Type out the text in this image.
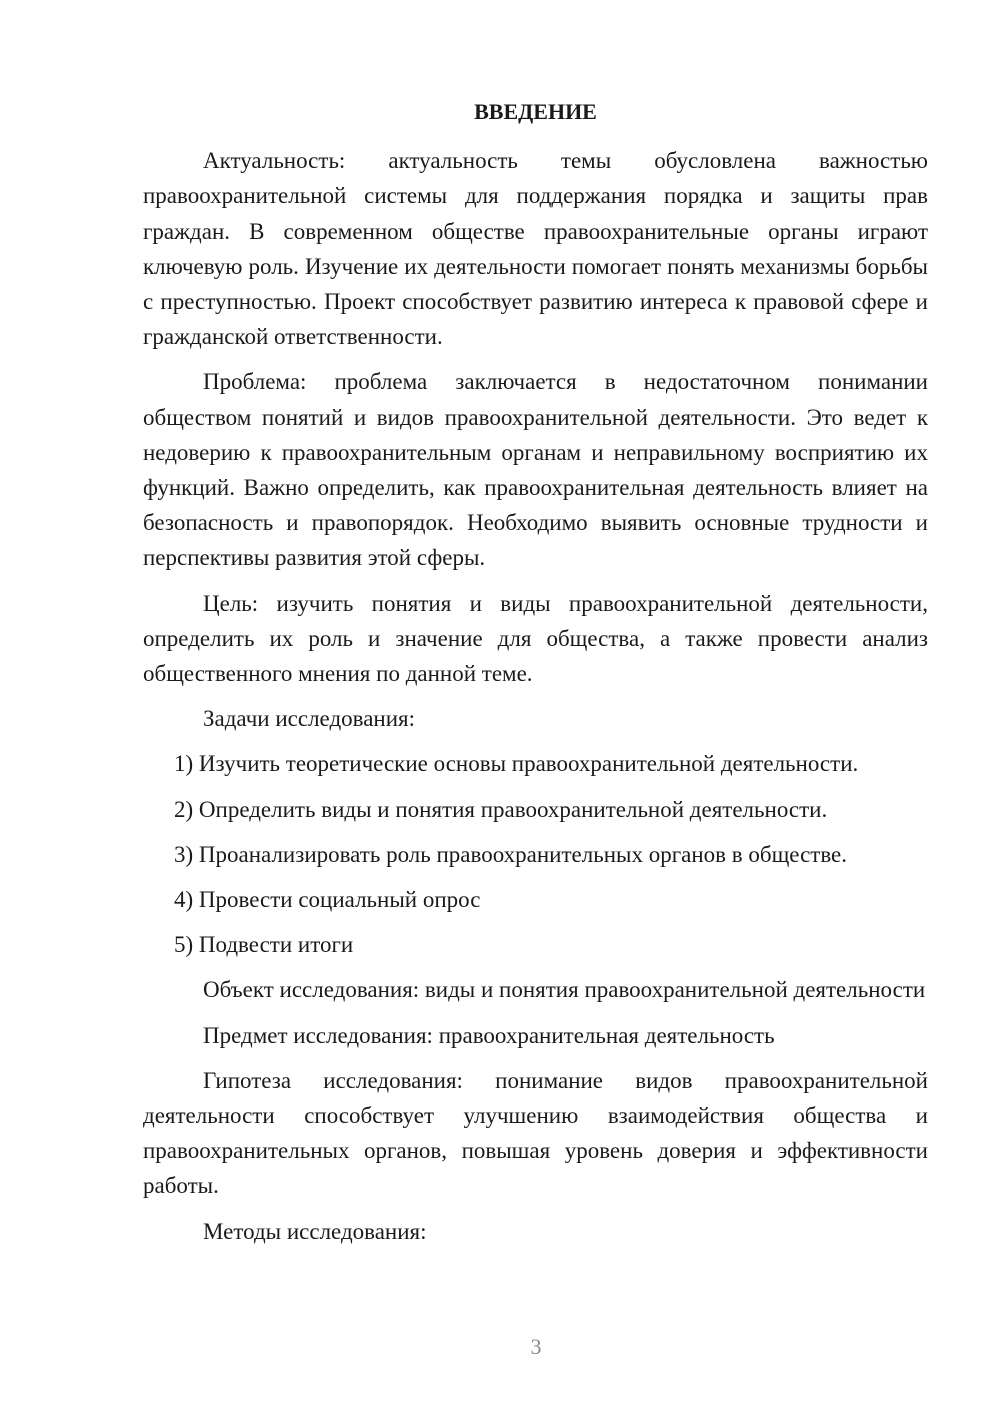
ВВЕДЕНИЕ

Актуальность: актуальность темы обусловлена важностью правоохранительной системы для поддержания порядка и защиты прав граждан. В современном обществе правоохранительные органы играют ключевую роль. Изучение их деятельности помогает понять механизмы борьбы с преступностью. Проект способствует развитию интереса к правовой сфере и гражданской ответственности.

Проблема: проблема заключается в недостаточном понимании обществом понятий и видов правоохранительной деятельности. Это ведет к недоверию к правоохранительным органам и неправильному восприятию их функций. Важно определить, как правоохранительная деятельность влияет на безопасность и правопорядок. Необходимо выявить основные трудности и перспективы развития этой сферы.

Цель: изучить понятия и виды правоохранительной деятельности, определить их роль и значение для общества, а также провести анализ общественного мнения по данной теме.

Задачи исследования:

1) Изучить теоретические основы правоохранительной деятельности.
2) Определить виды и понятия правоохранительной деятельности.
3) Проанализировать роль правоохранительных органов в обществе.
4) Провести социальный опрос
5) Подвести итоги

Объект исследования: виды и понятия правоохранительной деятельности

Предмет исследования: правоохранительная деятельность

Гипотеза исследования: понимание видов правоохранительной деятельности способствует улучшению взаимодействия общества и правоохранительных органов, повышая уровень доверия и эффективности работы.

Методы исследования:

3
